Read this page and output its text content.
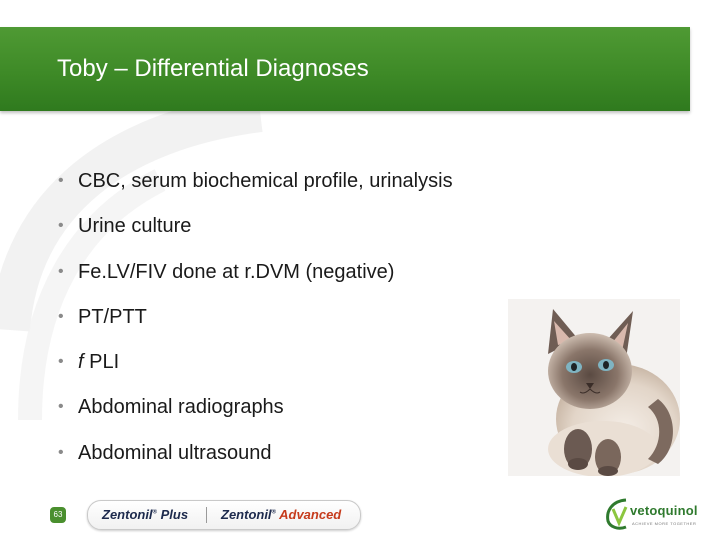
Toby – Differential Diagnoses
• CBC, serum biochemical profile, urinalysis
• Urine culture
• Fe.LV/FIV done at r.DVM (negative)
• PT/PTT
• f PLI
• Abdominal radiographs
• Abdominal ultrasound
63	Zentonil® Plus	Zentonil® Advanced	vetoquinol
ACHIEVE MORE TOGETHER
